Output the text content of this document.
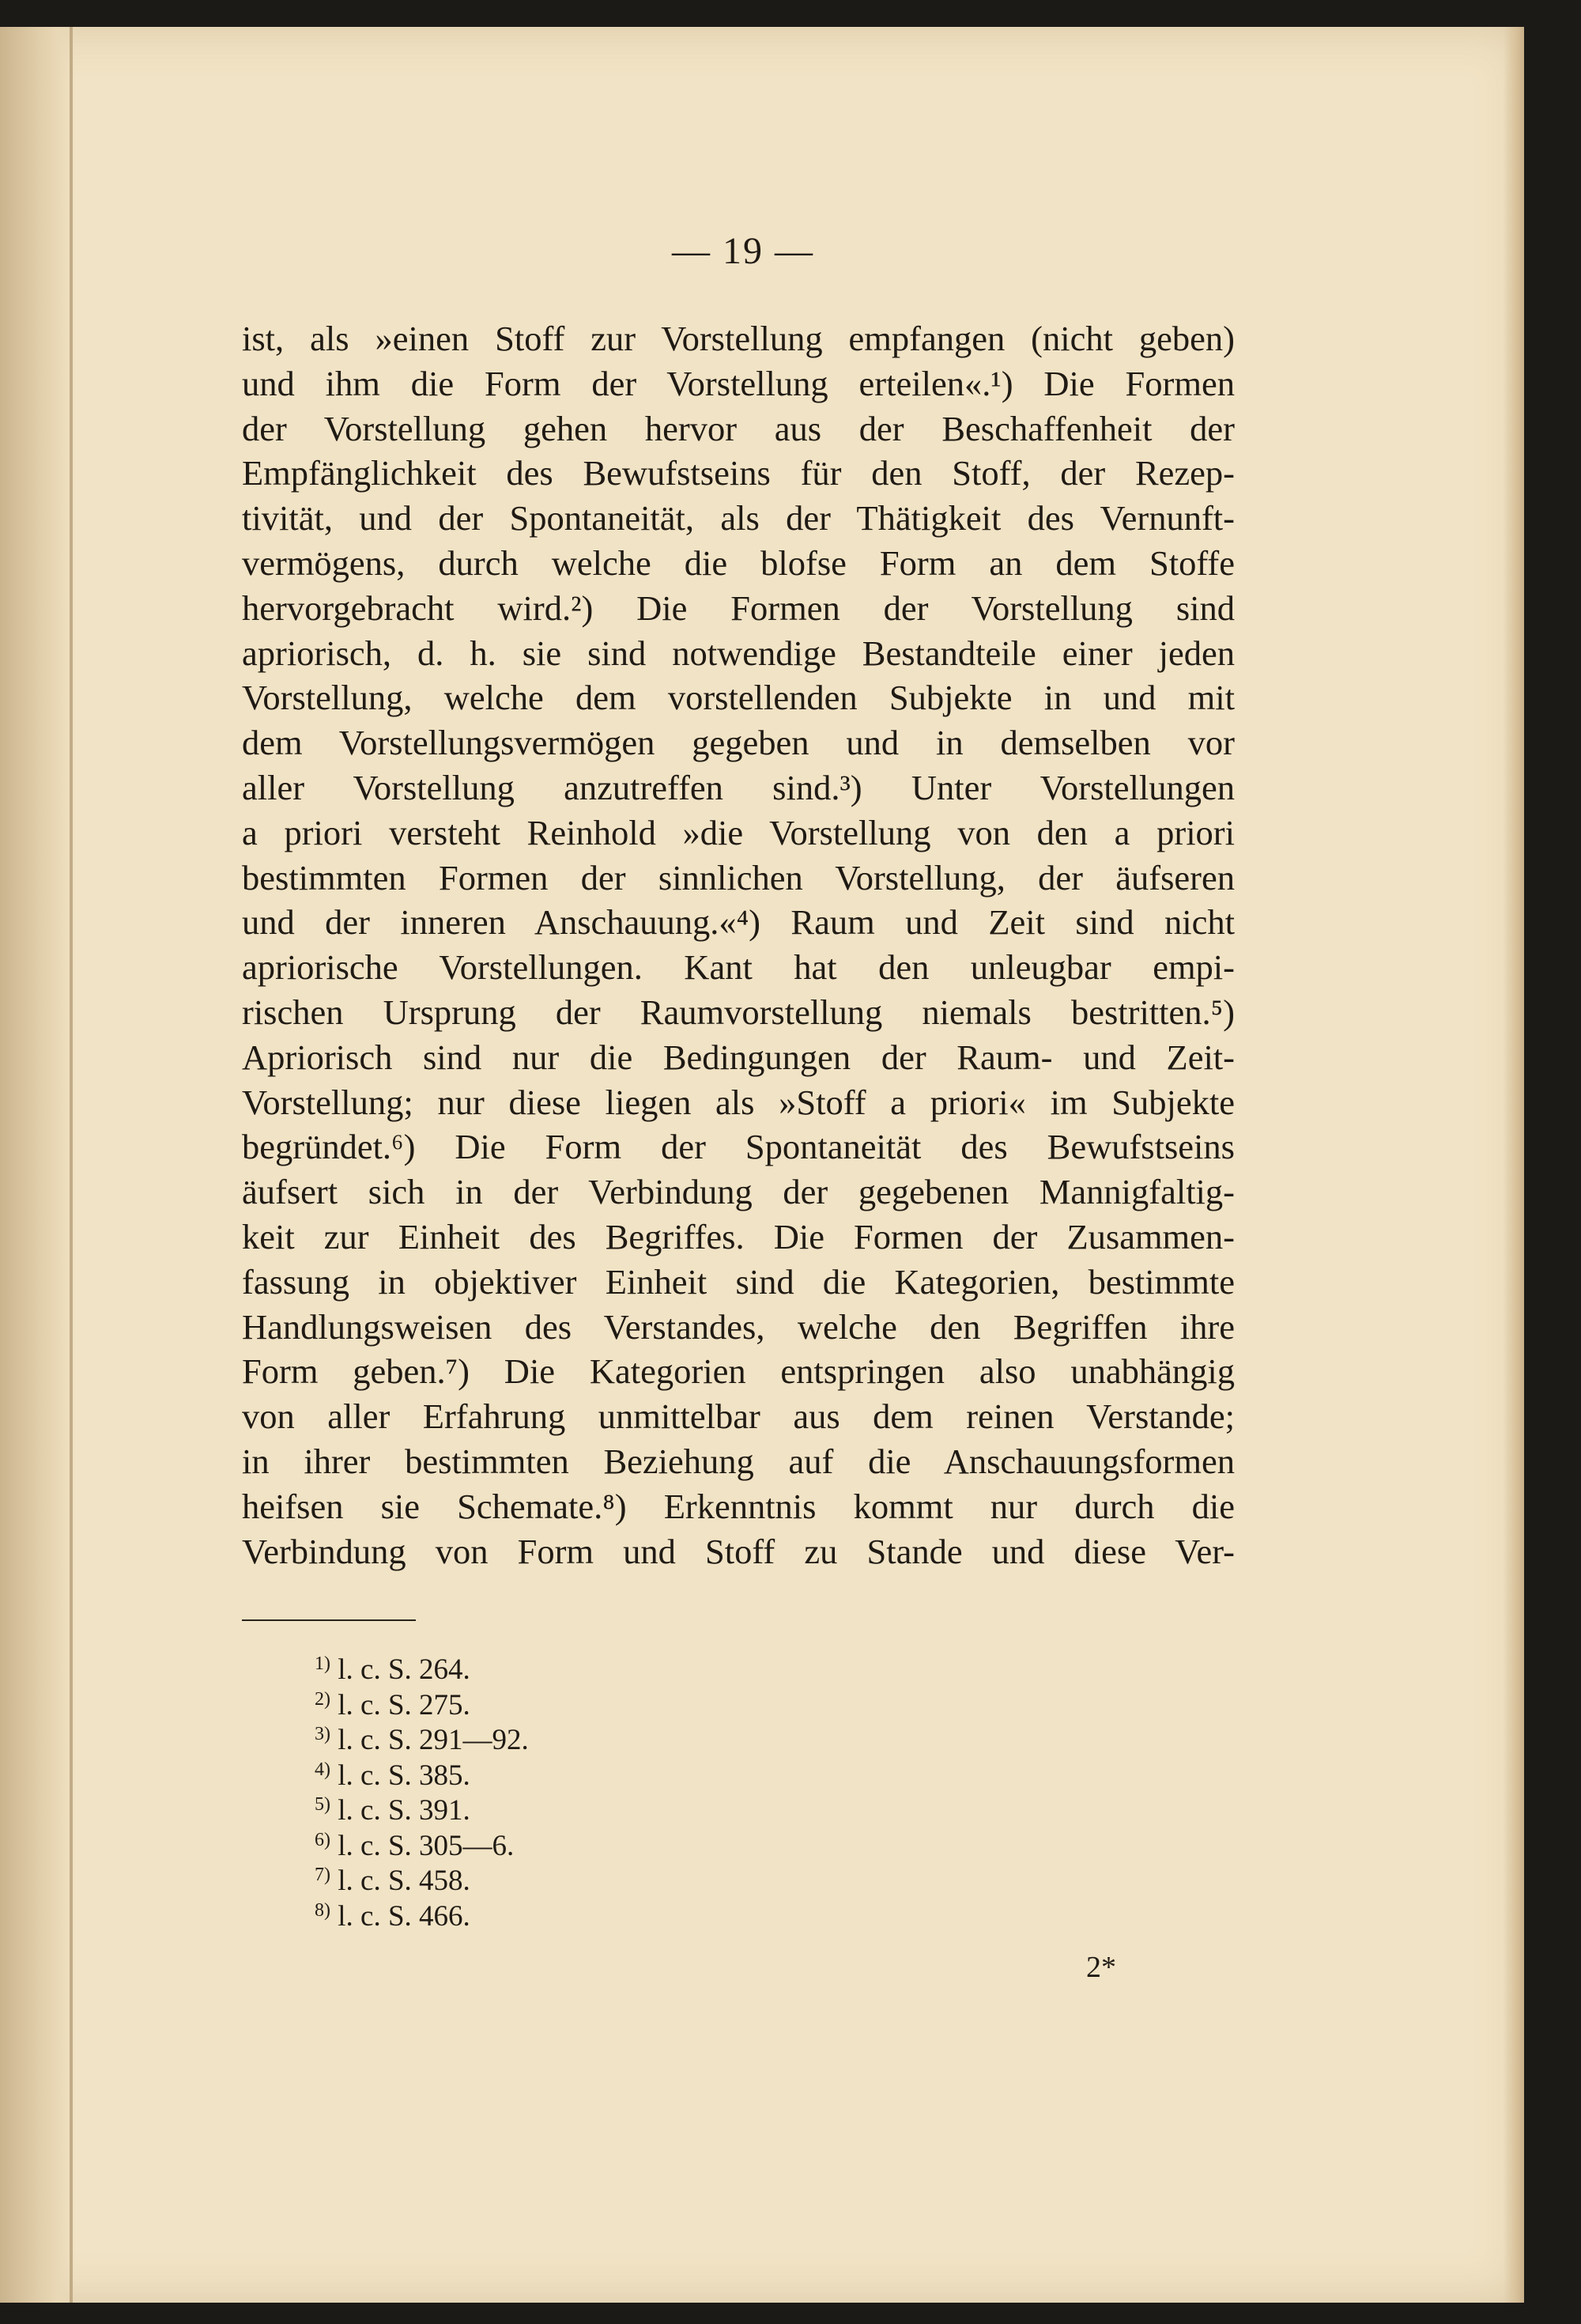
— 19 —
ist, als »einen Stoff zur Vorstellung empfangen (nicht geben)
und ihm die Form der Vorstellung erteilen«.¹) Die Formen
der Vorstellung gehen hervor aus der Beschaffenheit der
Empfänglichkeit des Bewufstseins für den Stoff, der Rezep-
tivität, und der Spontaneität, als der Thätigkeit des Vernunft-
vermögens, durch welche die blofse Form an dem Stoffe
hervorgebracht wird.²) Die Formen der Vorstellung sind
apriorisch, d. h. sie sind notwendige Bestandteile einer jeden
Vorstellung, welche dem vorstellenden Subjekte in und mit
dem Vorstellungsvermögen gegeben und in demselben vor
aller Vorstellung anzutreffen sind.³) Unter Vorstellungen
a priori versteht Reinhold »die Vorstellung von den a priori
bestimmten Formen der sinnlichen Vorstellung, der äufseren
und der inneren Anschauung.«⁴) Raum und Zeit sind nicht
apriorische Vorstellungen. Kant hat den unleugbar empi-
rischen Ursprung der Raumvorstellung niemals bestritten.⁵)
Apriorisch sind nur die Bedingungen der Raum- und Zeit-
Vorstellung; nur diese liegen als »Stoff a priori« im Subjekte
begründet.⁶) Die Form der Spontaneität des Bewufstseins
äufsert sich in der Verbindung der gegebenen Mannigfaltig-
keit zur Einheit des Begriffes. Die Formen der Zusammen-
fassung in objektiver Einheit sind die Kategorien, bestimmte
Handlungsweisen des Verstandes, welche den Begriffen ihre
Form geben.⁷) Die Kategorien entspringen also unabhängig
von aller Erfahrung unmittelbar aus dem reinen Verstande;
in ihrer bestimmten Beziehung auf die Anschauungsformen
heifsen sie Schemate.⁸) Erkenntnis kommt nur durch die
Verbindung von Form und Stoff zu Stande und diese Ver-
$^{1)}$ l. c. S. 264.
$^{2)}$ l. c. S. 275.
$^{3)}$ l. c. S. 291—92.
$^{4)}$ l. c. S. 385.
$^{5)}$ l. c. S. 391.
$^{6)}$ l. c. S. 305—6.
$^{7)}$ l. c. S. 458.
$^{8)}$ l. c. S. 466.
2*
